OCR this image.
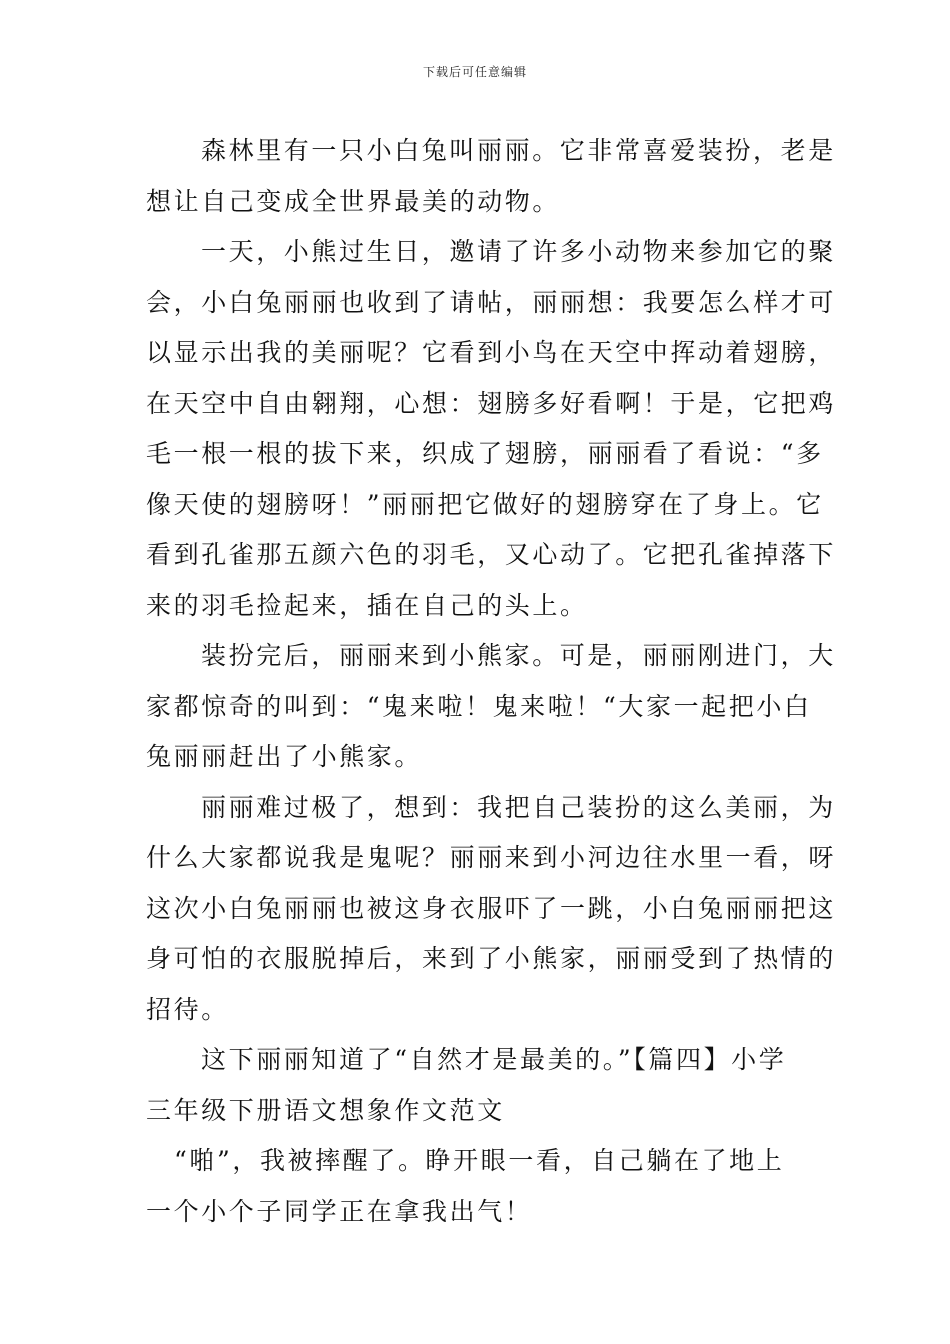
下载后可任意编辑

森林里有一只小白兔叫丽丽。它非常喜爱装扮，老是
想让自己变成全世界最美的动物。

一天，小熊过生日，邀请了许多小动物来参加它的聚
会，小白兔丽丽也收到了请帖，丽丽想：我要怎么样才可
以显示出我的美丽呢？它看到小鸟在天空中挥动着翅膀，
在天空中自由翱翔，心想：翅膀多好看啊！于是，它把鸡
毛一根一根的拔下来，织成了翅膀，丽丽看了看说：“多
像天使的翅膀呀！”丽丽把它做好的翅膀穿在了身上。它
看到孔雀那五颜六色的羽毛，又心动了。它把孔雀掉落下
来的羽毛捡起来，插在自己的头上。

装扮完后，丽丽来到小熊家。可是，丽丽刚进门，大
家都惊奇的叫到：“鬼来啦！鬼来啦！“大家一起把小白
兔丽丽赶出了小熊家。

丽丽难过极了，想到：我把自己装扮的这么美丽，为
什么大家都说我是鬼呢？丽丽来到小河边往水里一看，呀
这次小白兔丽丽也被这身衣服吓了一跳，小白兔丽丽把这
身可怕的衣服脱掉后，来到了小熊家，丽丽受到了热情的
招待。

这下丽丽知道了“自然才是最美的。”【篇四】小学
三年级下册语文想象作文范文

“啪”，我被摔醒了。睁开眼一看，自己躺在了地上
一个小个子同学正在拿我出气！
